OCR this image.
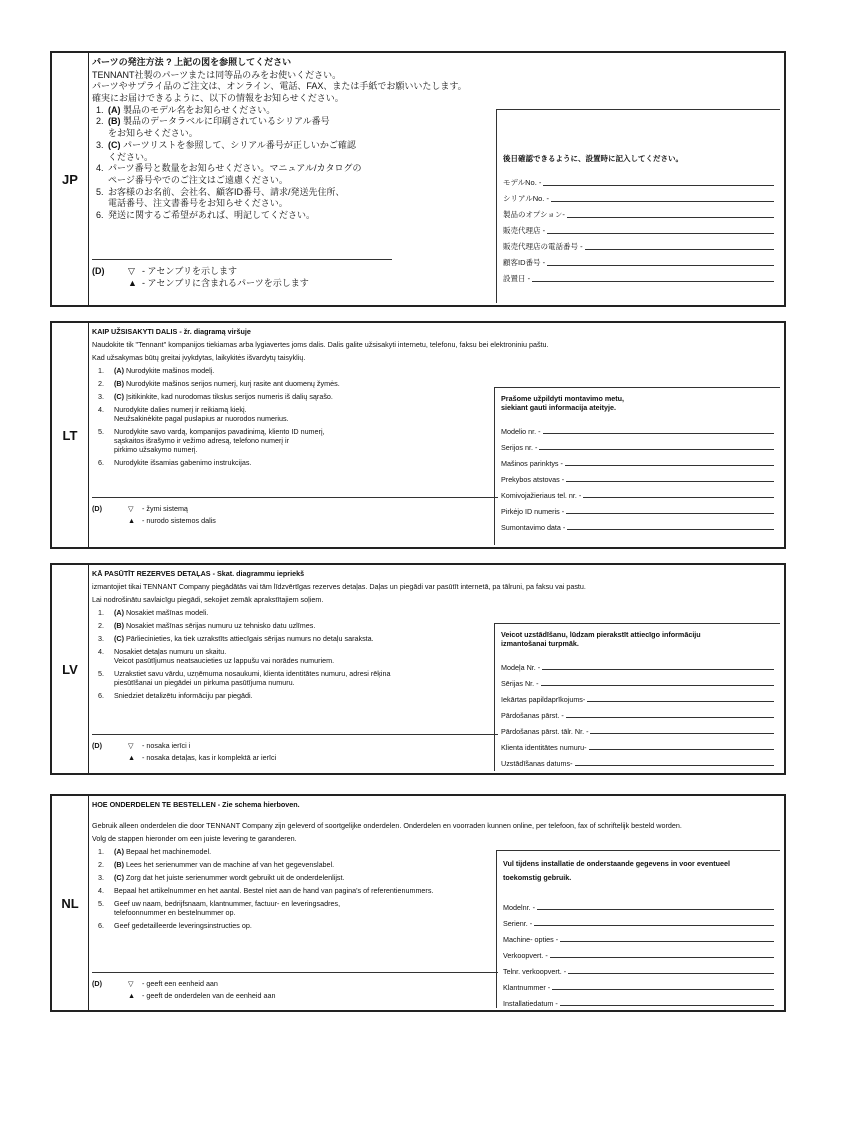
JP
パーツの発注方法 ? 上記の図を参照してください
TENNANT社製のパーツまたは同等品のみをお使いください。
パーツやサプライ品のご注文は、オンライン、電話、FAX、または手紙でお願いいたします。
確実にお届けできるように、以下の情報をお知らせください。
1. (A) 製品のモデル名をお知らせください。
2. (B) 製品のデータラベルに印刷されているシリアル番号
をお知らせください。
3. (C) パーツリストを参照して、シリアル番号が正しいかご確認
ください。
4. パーツ番号と数量をお知らせください。マニュアル/カタログの
ページ番号やでのご注文はご遠慮ください。
5. お客様のお名前、会社名、顧客ID番号、請求/発送先住所、
電話番号、注文書番号をお知らせください。
6. 発送に関するご希望があれば、明記してください。
(D)	▽ - アセンブリを示します
▲ - アセンブリに含まれるパーツを示します
後日確認できるように、設置時に記入してください。
モデルNo. -
シリアルNo. -
製品のオプション-
販売代理店 -
販売代理店の電話番号 -
顧客ID番号 -
設置日 -
LT
KAIP UŽSISAKYTI DALIS - žr. diagramą viršuje
Naudokite tik "Tennant" kompanijos tiekiamas arba lygiavertes joms dalis. Dalis galite užsisakyti internetu, telefonu, faksu bei elektroniniu paštu.
Kad užsakymas būtų greitai įvykdytas, laikykitės išvardytų taisyklių.
1. (A) Nurodykite mašinos modelį.
2. (B) Nurodykite mašinos serijos numerį, kurį rasite ant duomenų žymės.
3. (C) Įsitikinkite, kad nurodomas tikslus serijos numeris iš dalių sąrašo.
4. Nurodykite dalies numerį ir reikiamą kiekį.
Neužsakinėkite pagal puslapius ar nuorodos numerius.
5. Nurodykite savo vardą, kompanijos pavadinimą, kliento ID numerį,
sąskaitos išrašymo ir vežimo adresą, telefono numerį ir
pirkimo užsakymo numerį.
6. Nurodykite išsamias gabenimo instrukcijas.
(D)	▽ - žymi sistemą
▲ - nurodo sistemos dalis
Prašome užpildyti montavimo metu,
siekiant gauti informacija ateityje.
Modelio nr. -
Serijos nr. -
Mašinos parinktys -
Prekybos atstovas -
Komivojažieriaus tel. nr. -
Pirkėjo ID numeris -
Sumontavimo data -
LV
KĀ PASŪTĪT REZERVES DETAĻAS - Skat. diagrammu iepriekš
izmantojiet tikai TENNANT Company piegādātās vai tām līdzvērtīgas rezerves detaļas. Daļas un piegādi var pasūtīt internetā, pa tālruni, pa faksu vai pastu.
Lai nodrošinātu savlaicīgu piegādi, sekojiet zemāk aprakstītajiem soļiem.
1. (A) Nosakiet mašīnas modeli.
2. (B) Nosakiet mašīnas sērijas numuru uz tehnisko datu uzlīmes.
3. (C) Pārliecinieties, ka tiek uzrakstīts attiecīgais sērijas numurs no detaļu saraksta.
4. Nosakiet detaļas numuru un skaitu.
Veicot pasūtījumus neatsaucieties uz lappušu vai norādes numuriem.
5. Uzrakstiet savu vārdu, uzņēmuma nosaukumi, klienta identitātes numuru, adresi rēķina
piesūtīšanai un piegādei un pirkuma pasūtījuma numuru.
6. Sniedziet detalizētu informāciju par piegādi.
(D)	▽ - nosaka ierīci i
▲ - nosaka detaļas, kas ir komplektā ar ierīci
Veicot uzstādīšanu, lūdzam pierakstīt attiecīgo informāciju
izmantošanai turpmāk.
Modeļa Nr. -
Sērijas Nr. -
Iekārtas papildaprīkojums-
Pārdošanas pārst. -
Pārdošanas pārst. tālr. Nr. -
Klienta identitātes numuru-
Uzstādīšanas datums-
NL
HOE ONDERDELEN TE BESTELLEN - Zie schema hierboven.
Gebruik alleen onderdelen die door TENNANT Company zijn geleverd of soortgelijke onderdelen. Onderdelen en voorraden kunnen online, per telefoon, fax of schriftelijk besteld worden.
Volg de stappen hieronder om een juiste levering te garanderen.
1. (A) Bepaal het machinemodel.
2. (B) Lees het serienummer van de machine af van het gegevenslabel.
3. (C) Zorg dat het juiste serienummer wordt gebruikt uit de onderdelenlijst.
4. Bepaal het artikelnummer en het aantal. Bestel niet aan de hand van pagina's of referentienummers.
5. Geef uw naam, bedrijfsnaam, klantnummer, factuur- en leveringsadres,
telefoonnummer en bestelnummer op.
6. Geef gedetailleerde leveringsinstructies op.
(D)	▽ - geeft een eenheid aan
▲ - geeft de onderdelen van de eenheid aan
Vul tijdens installatie de onderstaande gegevens in voor eventueel
toekomstig gebruik.
Modelnr. -
Serienr. -
Machine- opties -
Verkoopvert. -
Telnr. verkoopvert. -
Klantnummer -
Installatiedatum -
